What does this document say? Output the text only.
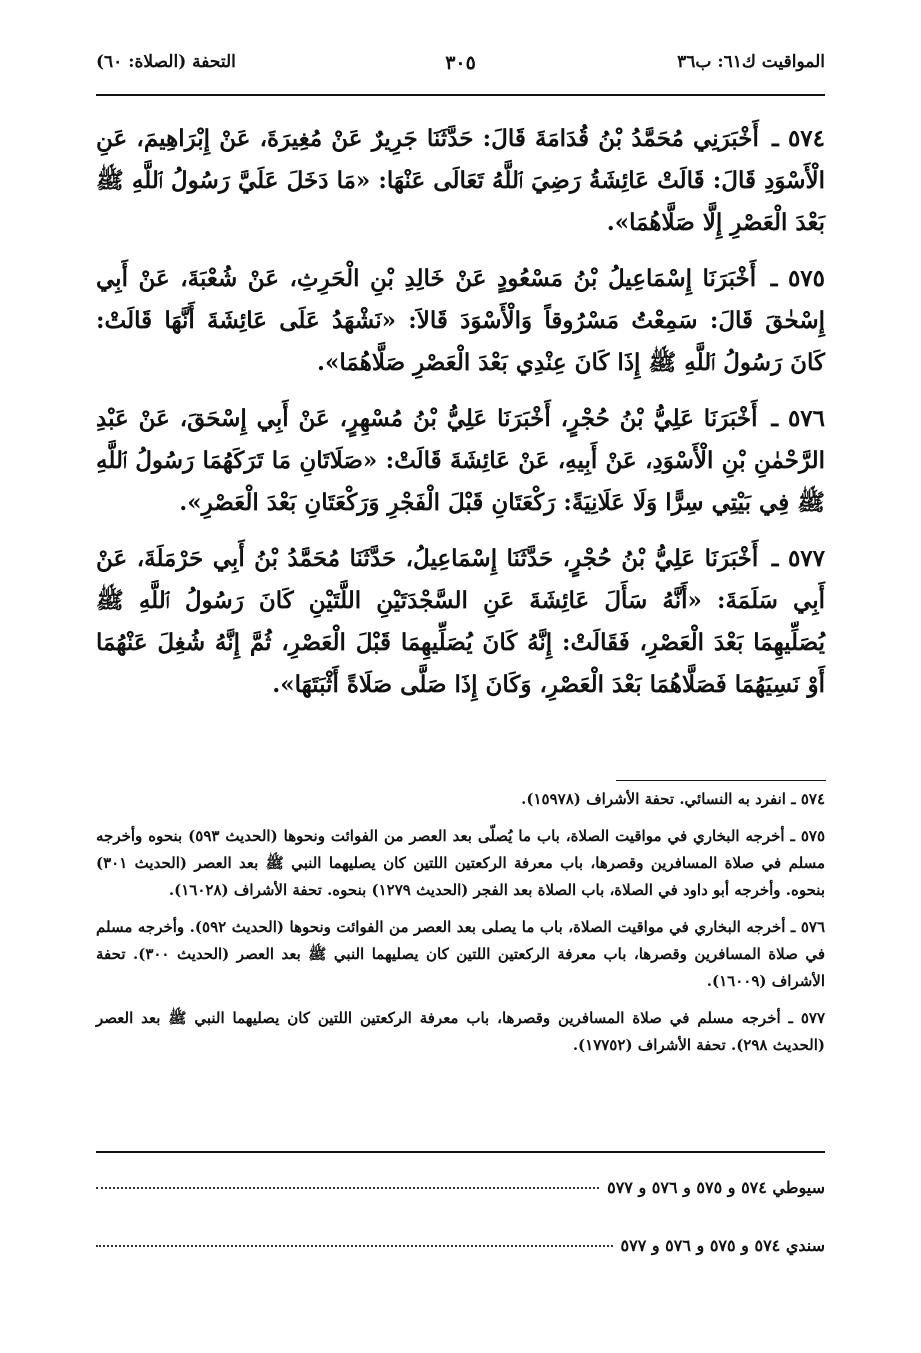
المواقيت ك٦١: ب٣٦
٣٠٥
التحفة (الصلاة: ٦٠)

٥٧٤ ـ أَخْبَرَنِي مُحَمَّدُ بْنُ قُدَامَةَ قَالَ: حَدَّثَنَا جَرِيرٌ عَنْ مُغِيرَةَ، عَنْ إِبْرَاهِيمَ، عَنِ الْأَسْوَدِ قَالَ: قَالَتْ عَائِشَةُ رَضِيَ ٱللَّهُ تَعَالَى عَنْهَا: «مَا دَخَلَ عَلَيَّ رَسُولُ ٱللَّهِ ﷺ بَعْدَ الْعَصْرِ إِلَّا صَلَّاهُمَا».

٥٧٥ ـ أَخْبَرَنَا إِسْمَاعِيلُ بْنُ مَسْعُودٍ عَنْ خَالِدِ بْنِ الْحَرِثِ، عَنْ شُعْبَةَ، عَنْ أَبِي إِسْحٰقَ قَالَ: سَمِعْتُ مَسْرُوقاً وَالْأَسْوَدَ قَالاَ: «نَشْهَدُ عَلَى عَائِشَةَ أَنَّهَا قَالَتْ: كَانَ رَسُولُ ٱللَّهِ ﷺ إِذَا كَانَ عِنْدِي بَعْدَ الْعَصْرِ صَلَّاهُمَا».

٥٧٦ ـ أَخْبَرَنَا عَلِيُّ بْنُ حُجْرٍ، أَخْبَرَنَا عَلِيُّ بْنُ مُسْهِرٍ، عَنْ أَبِي إِسْحَقَ، عَنْ عَبْدِ الرَّحْمٰنِ بْنِ الْأَسْوَدِ، عَنْ أَبِيهِ، عَنْ عَائِشَةَ قَالَتْ: «صَلَاتَانِ مَا تَرَكَهُمَا رَسُولُ ٱللَّهِ ﷺ فِي بَيْتِي سِرًّا وَلَا عَلَانِيَةً: رَكْعَتَانِ قَبْلَ الْفَجْرِ وَرَكْعَتَانِ بَعْدَ الْعَصْرِ».

٥٧٧ ـ أَخْبَرَنَا عَلِيُّ بْنُ حُجْرٍ، حَدَّثَنَا إِسْمَاعِيلُ، حَدَّثَنَا مُحَمَّدُ بْنُ أَبِي حَرْمَلَةَ، عَنْ أَبِي سَلَمَةَ: «أَنَّهُ سَأَلَ عَائِشَةَ عَنِ السَّجْدَتَيْنِ اللَّتَيْنِ كَانَ رَسُولُ ٱللَّهِ ﷺ يُصَلِّيهِمَا بَعْدَ الْعَصْرِ، فَقَالَتْ: إِنَّهُ كَانَ يُصَلِّيهِمَا قَبْلَ الْعَصْرِ، ثُمَّ إِنَّهُ شُغِلَ عَنْهُمَا أَوْ نَسِيَهُمَا فَصَلَّاهُمَا بَعْدَ الْعَصْرِ، وَكَانَ إِذَا صَلَّى صَلَاةً أَثْبَتَهَا».

٥٧٤ ـ انفرد به النسائي. تحفة الأشراف (١٥٩٧٨).

٥٧٥ ـ أخرجه البخاري في مواقيت الصلاة، باب ما يُصلّى بعد العصر من الفوائت ونحوها (الحديث ٥٩٣) بنحوه وأخرجه مسلم في صلاة المسافرين وقصرها، باب معرفة الركعتين اللتين كان يصليهما النبي ﷺ بعد العصر (الحديث ٣٠١) بنحوه. وأخرجه أبو داود في الصلاة، باب الصلاة بعد الفجر (الحديث ١٢٧٩) بنحوه. تحفة الأشراف (١٦٠٢٨).

٥٧٦ ـ أخرجه البخاري في مواقيت الصلاة، باب ما يصلى بعد العصر من الفوائت ونحوها (الحديث ٥٩٢). وأخرجه مسلم في صلاة المسافرين وقصرها، باب معرفة الركعتين اللتين كان يصليهما النبي ﷺ بعد العصر (الحديث ٣٠٠). تحفة الأشراف (١٦٠٠٩).

٥٧٧ ـ أخرجه مسلم في صلاة المسافرين وقصرها، باب معرفة الركعتين اللتين كان يصليهما النبي ﷺ بعد العصر (الحديث ٢٩٨). تحفة الأشراف (١٧٧٥٢).

سيوطي ٥٧٤ و ٥٧٥ و ٥٧٦ و ٥٧٧
سندي ٥٧٤ و ٥٧٥ و ٥٧٦ و ٥٧٧
